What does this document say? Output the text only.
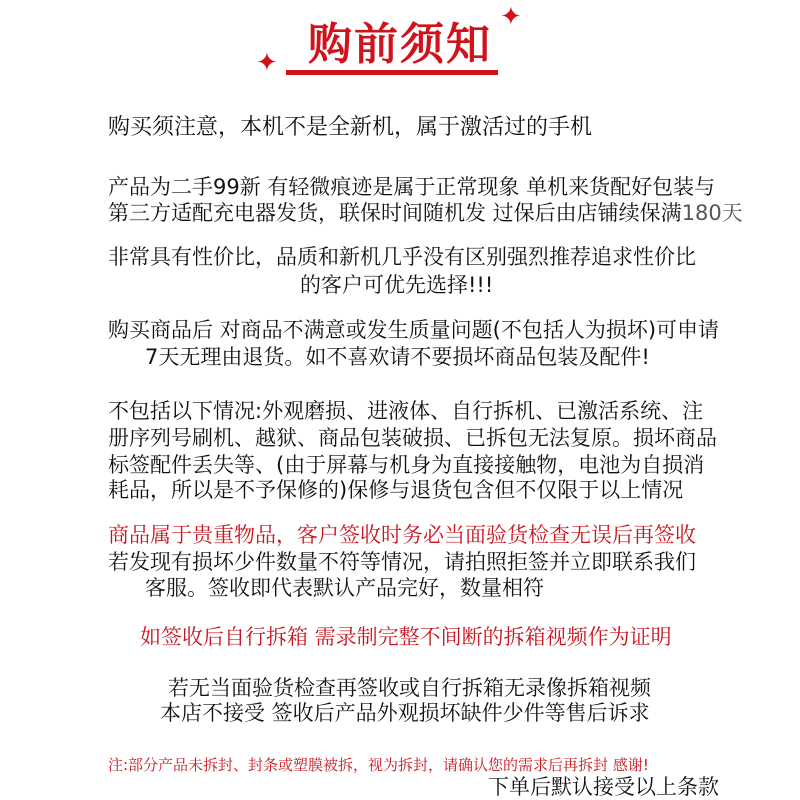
✦
✦
购前须知
购买须注意，本机不是全新机，属于激活过的手机
产品为二手99新 有轻微痕迹是属于正常现象 单机来货配好包装与
第三方适配充电器发货，联保时间随机发 过保后由店铺续保满180天
非常具有性价比，品质和新机几乎没有区别强烈推荐追求性价比
的客户可优先选择!!!
购买商品后 对商品不满意或发生质量问题(不包括人为损坏)可申请
7天无理由退货。如不喜欢请不要损坏商品包装及配件!
不包括以下情况:外观磨损、进液体、自行拆机、已激活系统、注
册序列号刷机、越狱、商品包装破损、已拆包无法复原。损坏商品
标签配件丢失等、(由于屏幕与机身为直接接触物，电池为自损消
耗品，所以是不予保修的)保修与退货包含但不仅限于以上情况
商品属于贵重物品，客户签收时务必当面验货检查无误后再签收
若发现有损坏少件数量不符等情况，请拍照拒签并立即联系我们
客服。签收即代表默认产品完好，数量相符
如签收后自行拆箱 需录制完整不间断的拆箱视频作为证明
若无当面验货检查再签收或自行拆箱无录像拆箱视频
本店不接受 签收后产品外观损坏缺件少件等售后诉求
注:部分产品未拆封、封条或塑膜被拆，视为拆封，请确认您的需求后再拆封 感谢!
下单后默认接受以上条款
